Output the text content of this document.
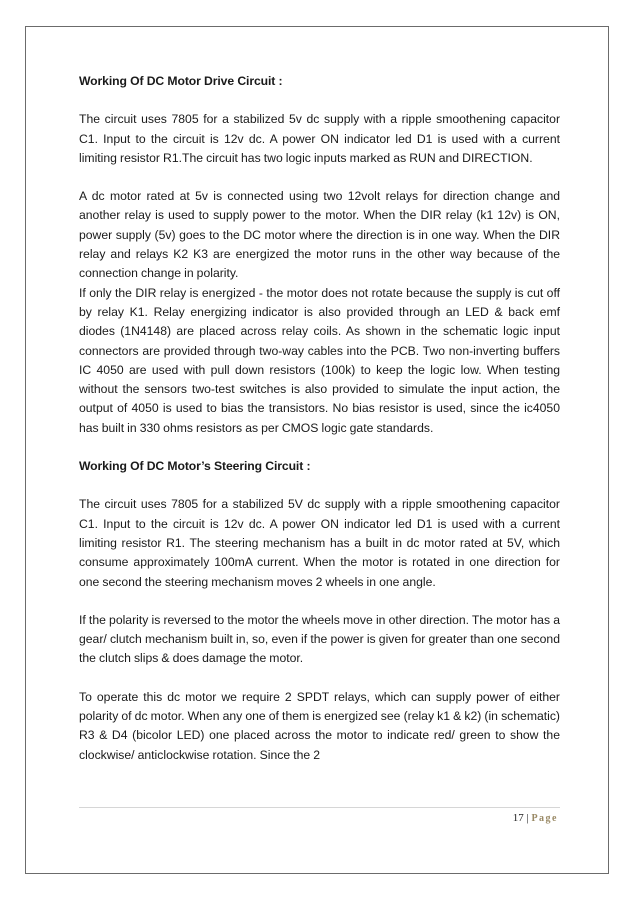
Working Of DC Motor Drive Circuit :

The circuit uses 7805 for a stabilized 5v dc supply with a ripple smoothening capacitor C1. Input to the circuit is 12v dc. A power ON indicator led D1 is used with a current limiting resistor R1.The circuit has two logic inputs marked as RUN and DIRECTION.

A dc motor rated at 5v is connected using two 12volt relays for direction change and another relay is used to supply power to the motor. When the DIR relay (k1 12v) is ON, power supply (5v) goes to the DC motor where the direction is in one way. When the DIR relay and relays K2 K3 are energized the motor runs in the other way because of the connection change in polarity.

If only the DIR relay is energized - the motor does not rotate because the supply is cut off by relay K1. Relay energizing indicator is also provided through an LED & back emf diodes (1N4148) are placed across relay coils. As shown in the schematic logic input connectors are provided through two-way cables into the PCB. Two non-inverting buffers IC 4050 are used with pull down resistors (100k) to keep the logic low. When testing without the sensors two-test switches is also provided to simulate the input action, the output of 4050 is used to bias the transistors. No bias resistor is used, since the ic4050 has built in 330 ohms resistors as per CMOS logic gate standards.

Working Of DC Motor’s Steering Circuit :

The circuit uses 7805 for a stabilized 5V dc supply with a ripple smoothening capacitor C1. Input to the circuit is 12v dc. A power ON indicator led D1 is used with a current limiting resistor R1. The steering mechanism has a built in dc motor rated at 5V, which consume approximately 100mA current. When the motor is rotated in one direction for one second the steering mechanism moves 2 wheels in one angle.

If the polarity is reversed to the motor the wheels move in other direction. The motor has a gear/ clutch mechanism built in, so, even if the power is given for greater than one second the clutch slips & does damage the motor.

To operate this dc motor we require 2 SPDT relays, which can supply power of either polarity of dc motor. When any one of them is energized see (relay k1 & k2) (in schematic) R3 & D4 (bicolor LED) one placed across the motor to indicate red/ green to show the clockwise/ anticlockwise rotation. Since the 2

17 | Page
